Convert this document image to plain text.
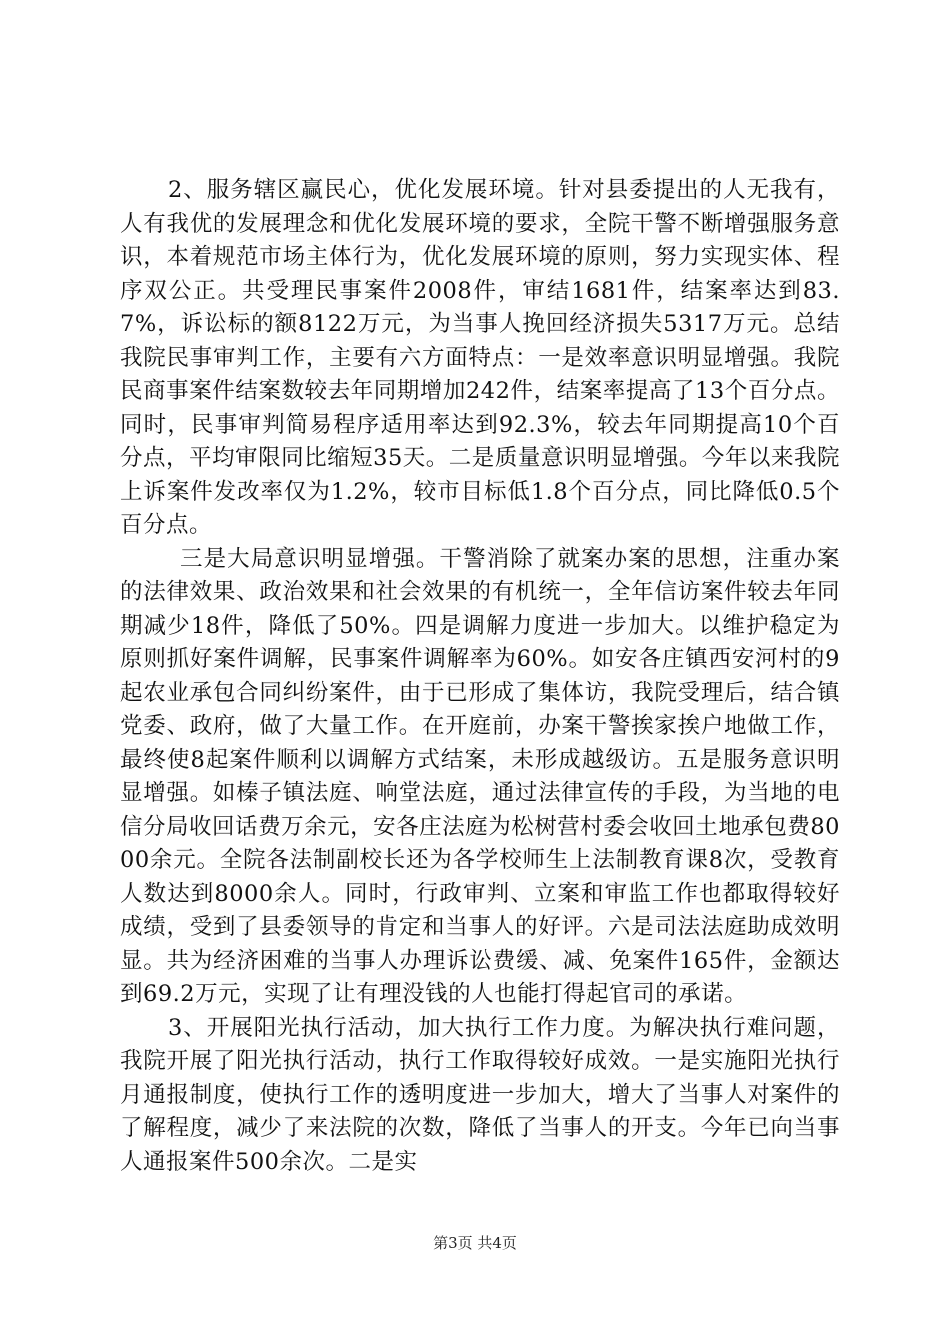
2、服务辖区赢民心，优化发展环境。针对县委提出的人无我有，人有我优的发展理念和优化发展环境的要求，全院干警不断增强服务意识，本着规范市场主体行为，优化发展环境的原则，努力实现实体、程序双公正。共受理民事案件2008件，审结1681件，结案率达到83.7%，诉讼标的额8122万元，为当事人挽回经济损失5317万元。总结我院民事审判工作，主要有六方面特点：一是效率意识明显增强。我院民商事案件结案数较去年同期增加242件，结案率提高了13个百分点。同时，民事审判简易程序适用率达到92.3%，较去年同期提高10个百分点，平均审限同比缩短35天。二是质量意识明显增强。今年以来我院上诉案件发改率仅为1.2%，较市目标低1.8个百分点，同比降低0.5个百分点。

三是大局意识明显增强。干警消除了就案办案的思想，注重办案的法律效果、政治效果和社会效果的有机统一，全年信访案件较去年同期减少18件，降低了50%。四是调解力度进一步加大。以维护稳定为原则抓好案件调解，民事案件调解率为60%。如安各庄镇西安河村的9起农业承包合同纠纷案件，由于已形成了集体访，我院受理后，结合镇党委、政府，做了大量工作。在开庭前，办案干警挨家挨户地做工作，最终使8起案件顺利以调解方式结案，未形成越级访。五是服务意识明显增强。如榛子镇法庭、响堂法庭，通过法律宣传的手段，为当地的电信分局收回话费万余元，安各庄法庭为松树营村委会收回土地承包费8000余元。全院各法制副校长还为各学校师生上法制教育课8次，受教育人数达到8000余人。同时，行政审判、立案和审监工作也都取得较好成绩，受到了县委领导的肯定和当事人的好评。六是司法法庭助成效明显。共为经济困难的当事人办理诉讼费缓、减、免案件165件，金额达到69.2万元，实现了让有理没钱的人也能打得起官司的承诺。

3、开展阳光执行活动，加大执行工作力度。为解决执行难问题，我院开展了阳光执行活动，执行工作取得较好成效。一是实施阳光执行月通报制度，使执行工作的透明度进一步加大，增大了当事人对案件的了解程度，减少了来法院的次数，降低了当事人的开支。今年已向当事人通报案件500余次。二是实

第3页 共4页
